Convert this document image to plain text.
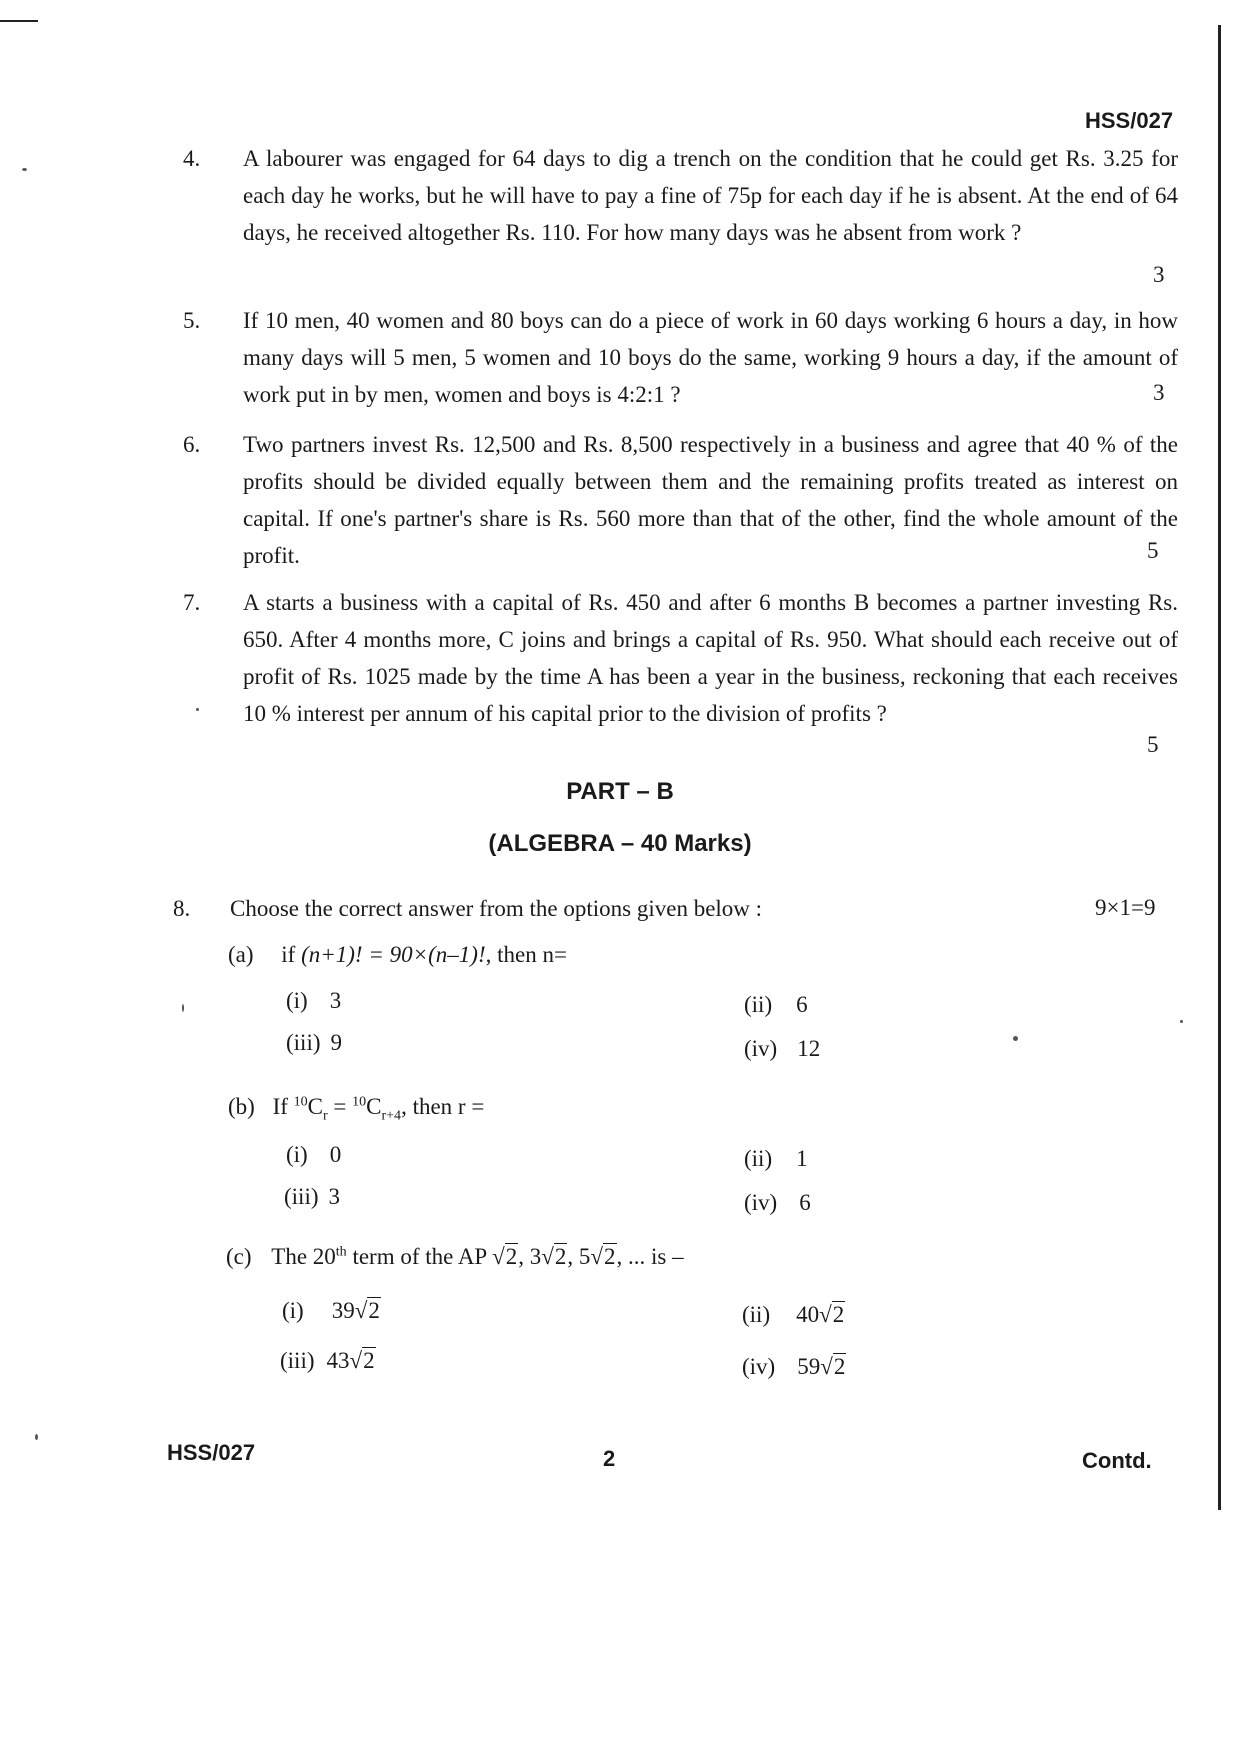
HSS/027
4. A labourer was engaged for 64 days to dig a trench on the condition that he could get Rs. 3.25 for each day he works, but he will have to pay a fine of 75p for each day if he is absent. At the end of 64 days, he received altogether Rs. 110. For how many days was he absent from work ?
3
5. If 10 men, 40 women and 80 boys can do a piece of work in 60 days working 6 hours a day, in how many days will 5 men, 5 women and 10 boys do the same, working 9 hours a day, if the amount of work put in by men, women and boys is 4:2:1 ?	3
6. Two partners invest Rs. 12,500 and Rs. 8,500 respectively in a business and agree that 40 % of the profits should be divided equally between them and the remaining profits treated as interest on capital. If one's partner's share is Rs. 560 more than that of the other, find the whole amount of the profit.	5
7. A starts a business with a capital of Rs. 450 and after 6 months B becomes a partner investing Rs. 650. After 4 months more, C joins and brings a capital of Rs. 950. What should each receive out of profit of Rs. 1025 made by the time A has been a year in the business, reckoning that each receives 10 % interest per annum of his capital prior to the division of profits ?
5
PART – B
(ALGEBRA – 40 Marks)
8. Choose the correct answer from the options given below :	9×1=9
(a) if (n+1)! = 90×(n–1)!, then n=
(i) 3	(ii) 6
(iii) 9	(iv) 12
(b) If $^{10}C_r = ^{10}C_{r+4}$, then r =
(i) 0	(ii) 1
(iii) 3	(iv) 6
(c) The 20th term of the AP √2, 3√2, 5√2, ... is –
(i) 39√2	(ii) 40√2
(iii) 43√2	(iv) 59√2
HSS/027	2	Contd.
